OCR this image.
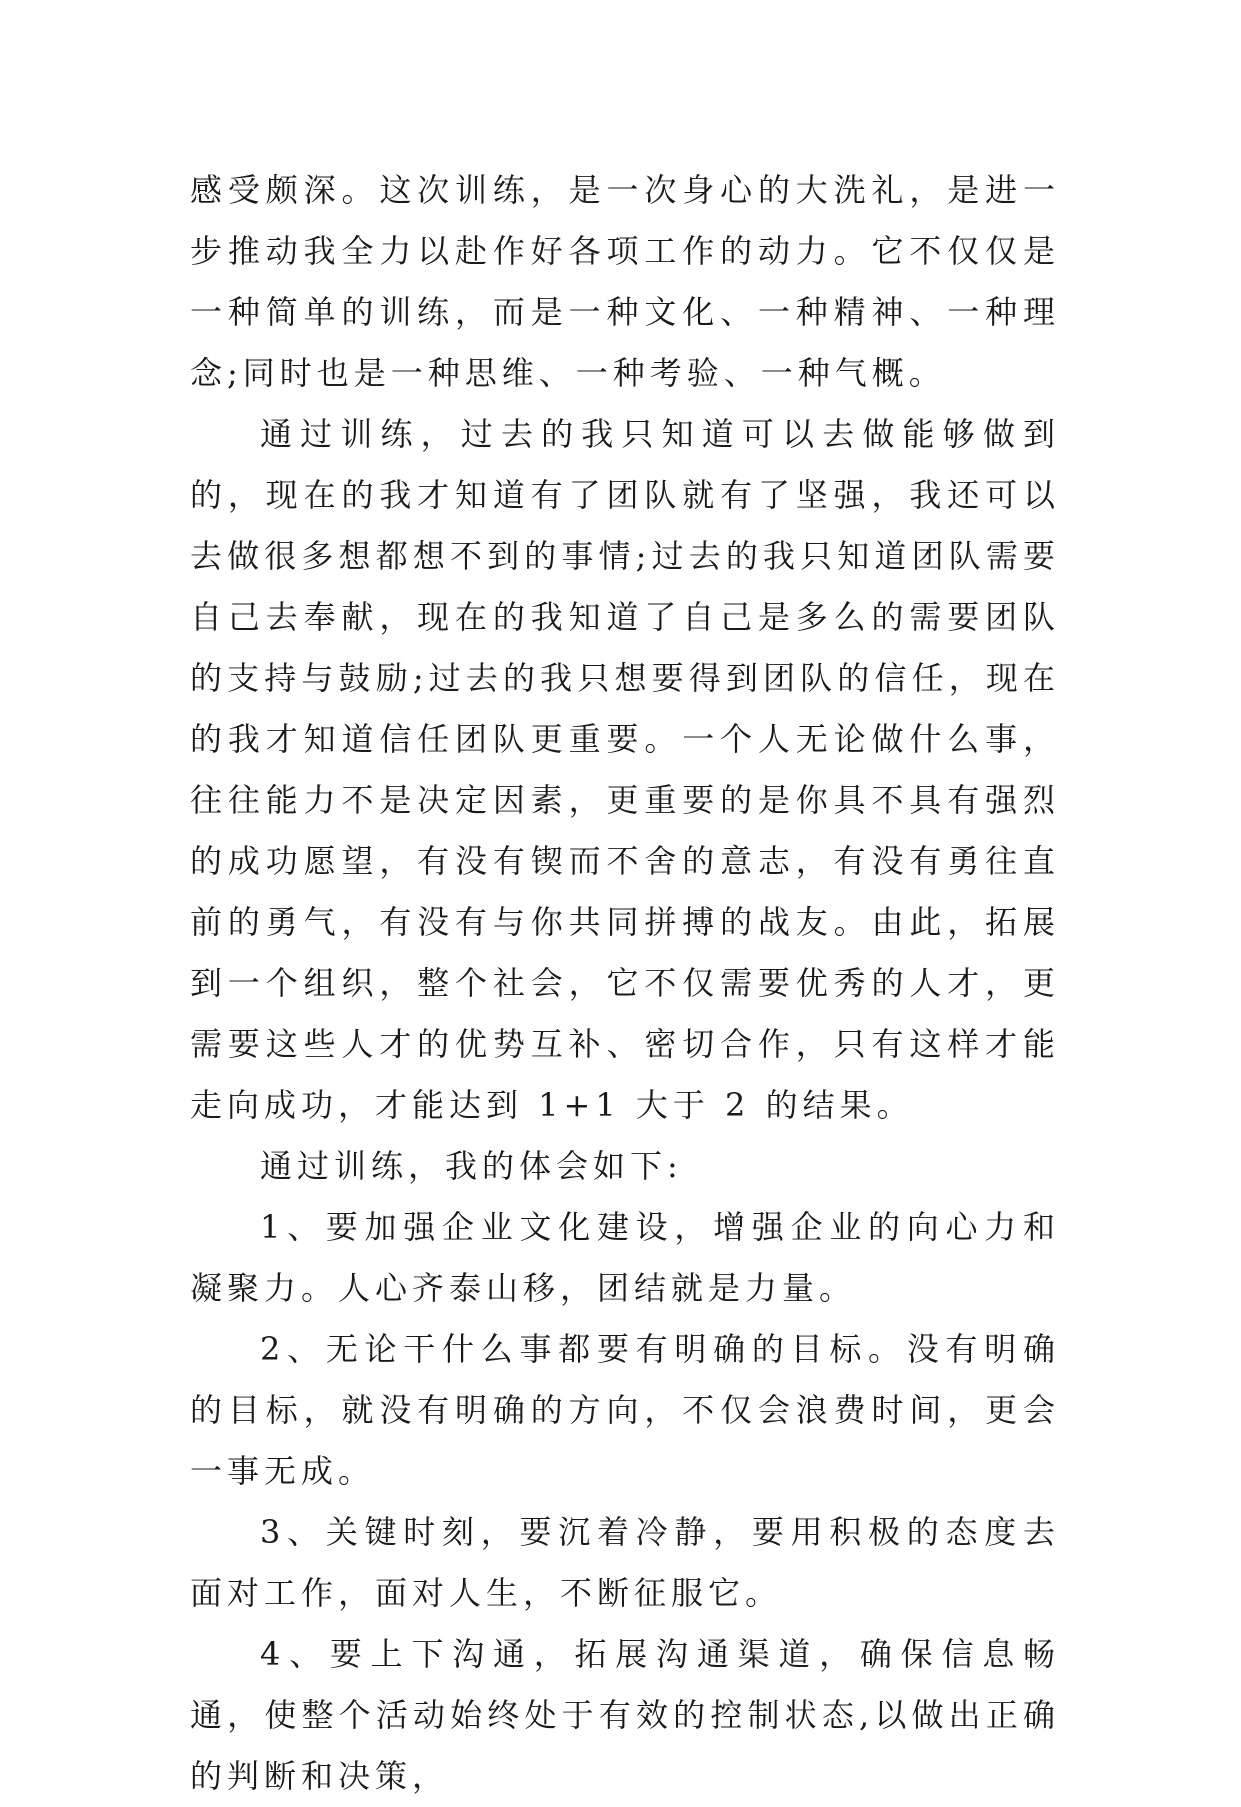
感受颇深。这次训练，是一次身心的大洗礼，是进一步推动我全力以赴作好各项工作的动力。它不仅仅是一种简单的训练，而是一种文化、一种精神、一种理念;同时也是一种思维、一种考验、一种气概。

通过训练，过去的我只知道可以去做能够做到的，现在的我才知道有了团队就有了坚强，我还可以去做很多想都想不到的事情;过去的我只知道团队需要自己去奉献，现在的我知道了自己是多么的需要团队的支持与鼓励;过去的我只想要得到团队的信任，现在的我才知道信任团队更重要。一个人无论做什么事，往往能力不是决定因素，更重要的是你具不具有强烈的成功愿望，有没有锲而不舍的意志，有没有勇往直前的勇气，有没有与你共同拼搏的战友。由此，拓展到一个组织，整个社会，它不仅需要优秀的人才，更需要这些人才的优势互补、密切合作，只有这样才能走向成功，才能达到 1+1 大于 2 的结果。

通过训练，我的体会如下:

1、要加强企业文化建设，增强企业的向心力和凝聚力。人心齐泰山移，团结就是力量。

2、无论干什么事都要有明确的目标。没有明确的目标，就没有明确的方向，不仅会浪费时间，更会一事无成。

3、关键时刻，要沉着冷静，要用积极的态度去面对工作，面对人生，不断征服它。

4、要上下沟通，拓展沟通渠道，确保信息畅通，使整个活动始终处于有效的控制状态,以做出正确的判断和决策，
